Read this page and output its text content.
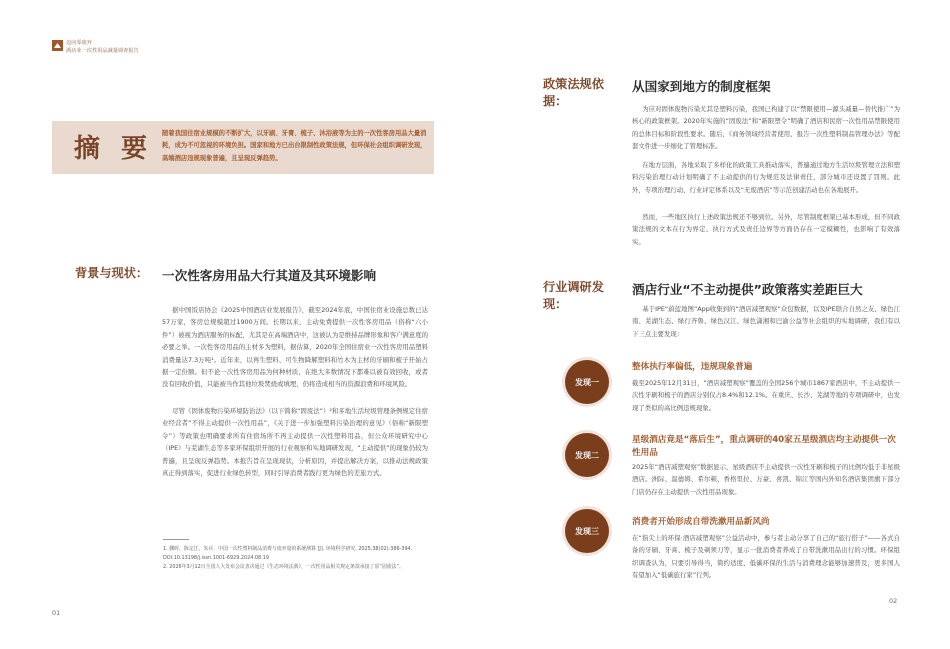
迈向零废弃
酒店业一次性用品减量调查报告
摘 要
随着我国住宿业规模的不断扩大，以牙刷、牙膏、梳子、沐浴液等为主的一次性客房用品大量消耗，成为不可忽视的环境负担。国家和地方已出台限制性政策法规，但环保社会组织调研发现，高端酒店违规现象普遍，且呈现反弹趋势。
背景与现状： 一次性客房用品大行其道及其环境影响

据中国饭店协会《2025中国酒店业发展报告》，截至2024年底，中国住宿业设施总数已达57万家，客房总规模超过1900万间。长期以来，主动免费提供一次性客房用品（俗称“六小件”）被视为酒店服务的标配，尤其是在高端酒店中，这被认为是维持品牌形象和客户满意度的必要之举。一次性客房用品的主材多为塑料，据估算，2020年全国住宿业一次性客房用品塑料消费量达7.3万吨¹。近年来，以再生塑料、可生物降解塑料和竹木为主材的牙刷和梳子开始占据一定份额。但不论一次性客房用品为何种材质，在绝大多数情况下都难以被有效回收，或者没有回收价值，只能被当作其他垃圾焚烧或填埋，仍将造成相当的资源浪费和环境风险。

尽管《固体废物污染环境防治法》（以下简称“固废法”）²和多地生活垃圾管理条例规定住宿业经营者“不得主动提供一次性用品”，《关于进一步加强塑料污染治理的意见》（俗称“新限塑令”）等政策也明确要求所有住宿场所不再主动提供一次性塑料用品，但公众环境研究中心（IPE）与芜湖生态等多家环保组织开展的行业观察和实地调研发现，“主动提供”的现象仍较为普遍，且呈现反弹趋势。本报告旨在呈现现状，分析原因，并提出解决方案，以推动法规政策真正得到落实，促进行业绿色转型，同时引导消费者践行更为绿色的差旅方式。

1. 蒯晖，陈定江，朱兵．中国一次性塑料制品消费与废弃量的系统测算 [J]. 环境科学研究, 2025,38(02):386-394. DOI:10.13198/j.issn.1001-6929.2024.08.19

2. 2026年3月12日全国人大发布会议表决通过《生态环境法典》，一次性用品相关规定条款承接了原“固废法”。

01
政策法规依据：
从国家到地方的制度框架

为应对固体废物污染尤其是塑料污染，我国已构建了以“禁限使用—源头减量—替代推广”为核心的政策框架。2020年实施的“固废法”和“新限塑令”明确了酒店和民宿一次性用品禁限使用的总体目标和阶段性要求。随后，《商务领域经营者使用、报告一次性塑料制品管理办法》等配套文件进一步细化了管理标准。

在地方层面，各地采取了多样化的政策工具推动落实，普遍通过地方生活垃圾管理立法和塑料污染治理行动计划明确了不主动提供的行为规范及法律责任，部分城市还设置了罚则。此外，专项治理行动、行业评定体系以及“无废酒店”等示范创建活动也在各地展开。

然而，一些地区执行上述政策法规还不够到位。另外，尽管制度框架已基本形成，但不同政策法规的文本在行为界定、执行方式及责任边界等方面仍存在一定模糊性，也影响了有效落实。

行业调研发现：
酒店行业“不主动提供”政策落实差距巨大

基于IPE“蔚蓝地图”App收集到的“酒店减塑观察”众包数据，以及IPE联合自然之友、绿色江南、芜湖生态、绿行齐鲁、绿色汉江、绿色潇湘和巴渝公益等社会组织的实地调研，我们有以下三点主要发现：

发现一
整体执行率偏低，违规现象普遍

截至2025年12月31日，“酒店减塑观察”覆盖的全国256个城市1867家酒店中，不主动提供一次性牙刷和梳子的酒店分别仅占8.4%和12.1%。在重庆、长沙、芜湖等地的专项调研中，也发现了类似的高比例违规现象。

发现二
星级酒店竟是“落后生”，重点调研的40家五星级酒店均主动提供一次性用品

2025年“酒店减塑观察”数据显示，星级酒店不主动提供一次性牙刷和梳子的比例均低于非星级酒店。洲际、温德姆、希尔顿、香格里拉、万豪、喜凯、锦江等国内外知名酒店集团旗下部分门店仍存在主动提供一次性用品现象。

发现三
消费者开始形成自带洗漱用品新风尚

在“指尖上的环保·酒店减塑观察”公益活动中，参与者主动分享了自己的“旅行搭子”——各式自备的牙刷、牙膏、梳子及剃须刀等，显示一批消费者养成了自带洗漱用品出行的习惯。环保组织调查认为，只要引导得当，简约适度、低碳环保的生活与消费理念能够加速普及，更多国人有望加入“低碳旅行家”行列。

02
